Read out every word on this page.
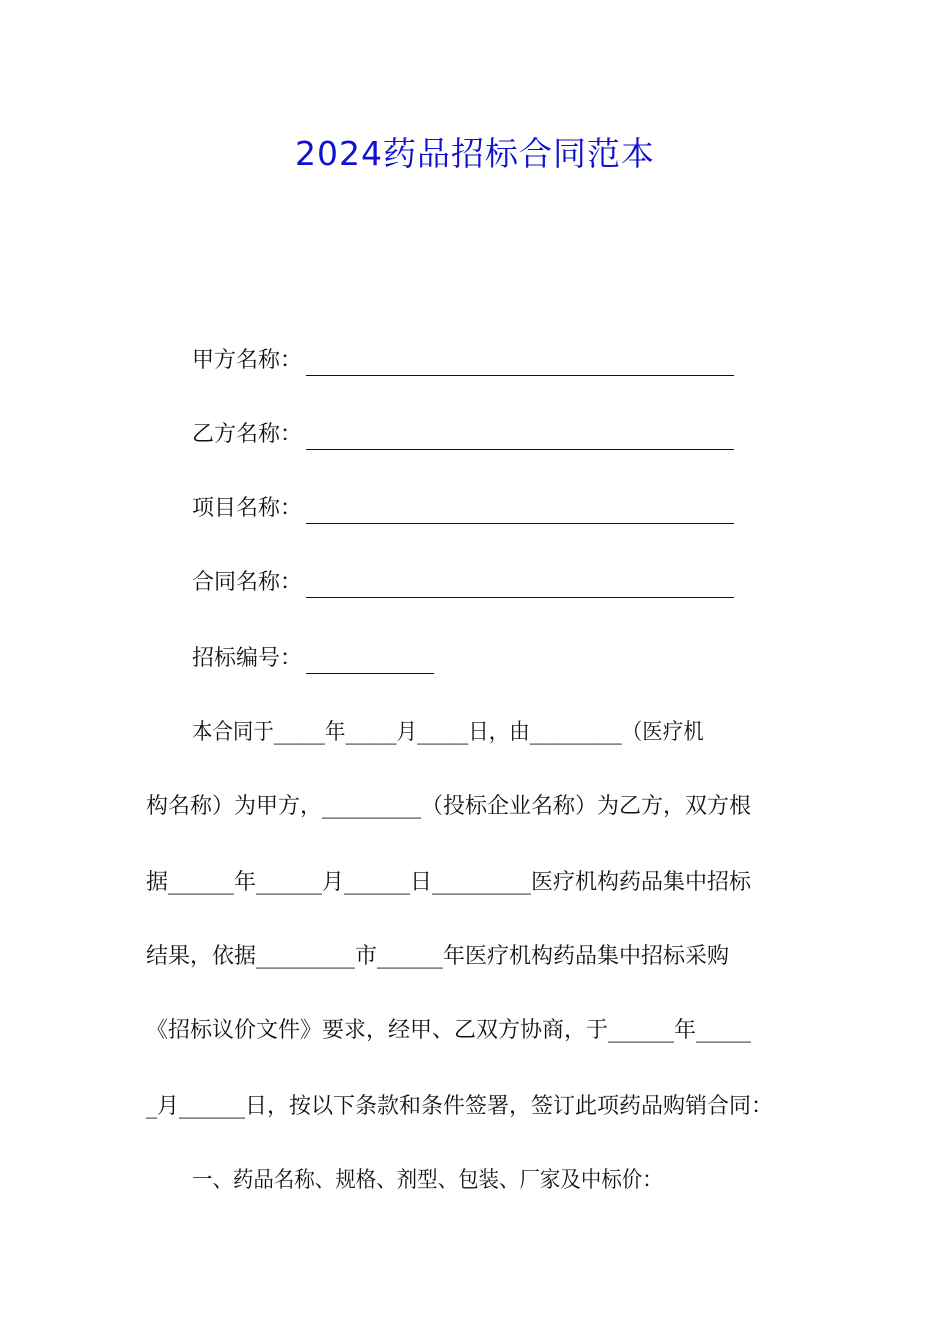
2024药品招标合同范本
甲方名称：
乙方名称：
项目名称：
合同名称：
招标编号：
本合同于_____年_____月_____日，由_________（医疗机
构名称）为甲方，_________（投标企业名称）为乙方，双方根
据______年______月______日_________医疗机构药品集中招标
结果，依据_________市______年医疗机构药品集中招标采购
《招标议价文件》要求，经甲、乙双方协商，于______年_____
_月______日，按以下条款和条件签署，签订此项药品购销合同：
一、药品名称、规格、剂型、包装、厂家及中标价：
